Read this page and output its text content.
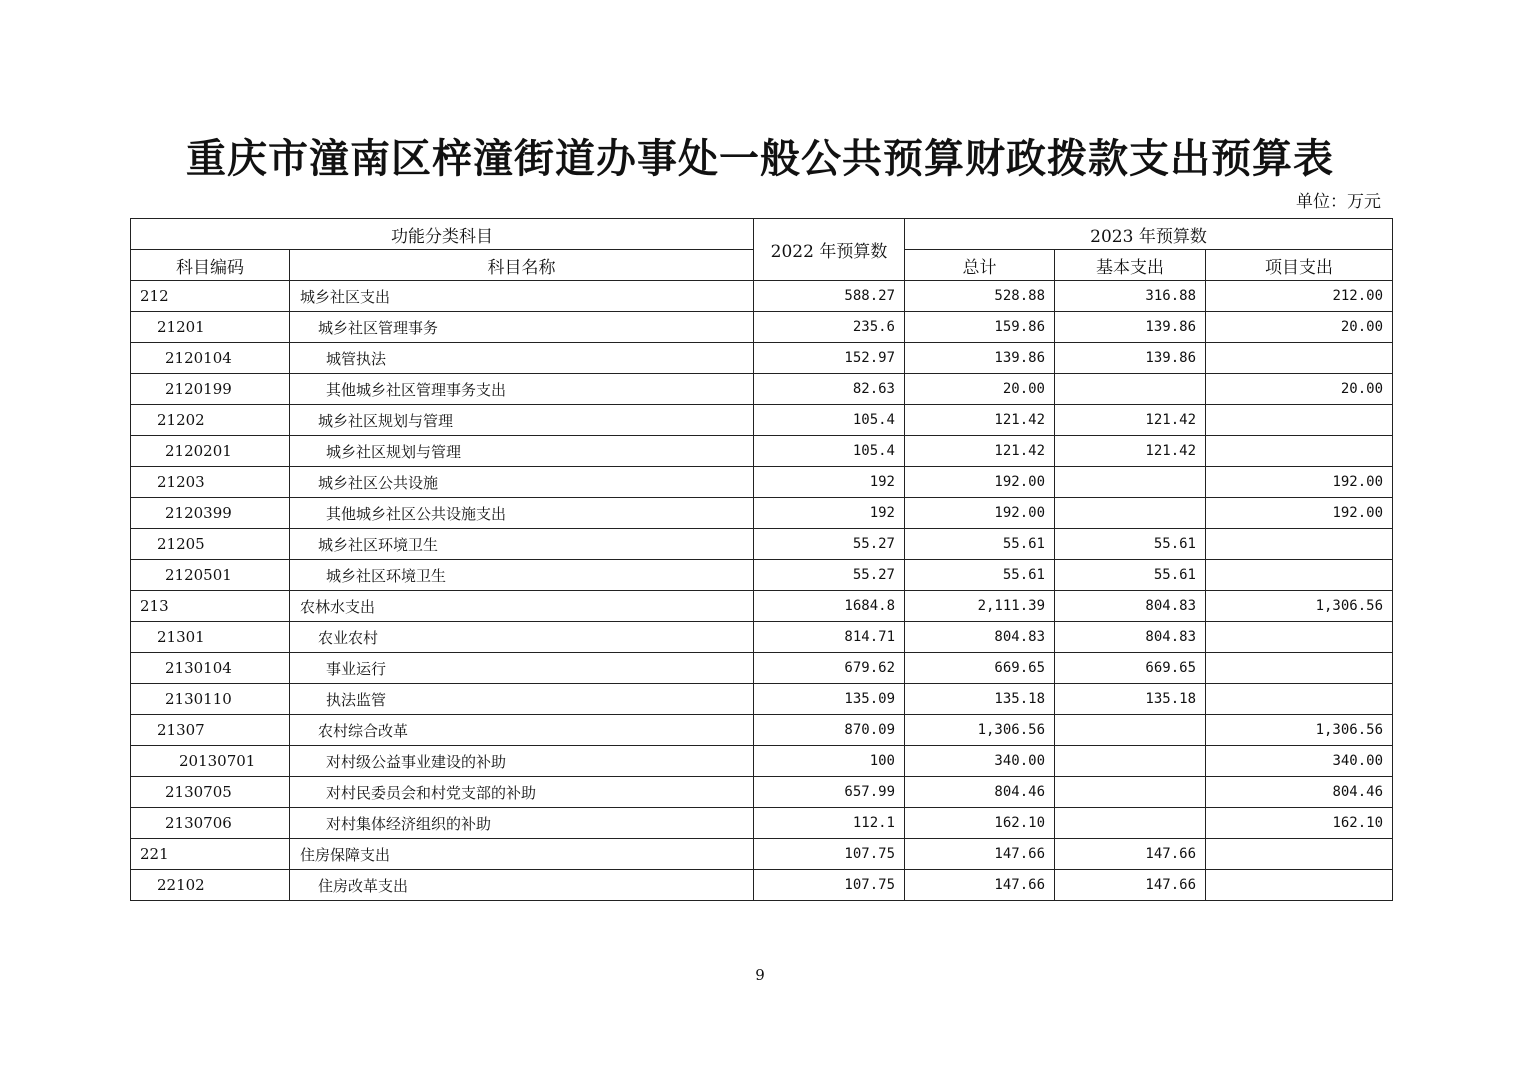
重庆市潼南区梓潼街道办事处一般公共预算财政拨款支出预算表
单位：万元
功能分类科目		2022 年预算数	2023 年预算数		
科目编码	科目名称		总计	基本支出	项目支出
212	城乡社区支出	588.27	528.88	316.88	212.00
21201	城乡社区管理事务	235.6	159.86	139.86	20.00
2120104	城管执法	152.97	139.86	139.86	
2120199	其他城乡社区管理事务支出	82.63	20.00		20.00
21202	城乡社区规划与管理	105.4	121.42	121.42	
2120201	城乡社区规划与管理	105.4	121.42	121.42	
21203	城乡社区公共设施	192	192.00		192.00
2120399	其他城乡社区公共设施支出	192	192.00		192.00
21205	城乡社区环境卫生	55.27	55.61	55.61	
2120501	城乡社区环境卫生	55.27	55.61	55.61	
213	农林水支出	1684.8	2,111.39	804.83	1,306.56
21301	农业农村	814.71	804.83	804.83	
2130104	事业运行	679.62	669.65	669.65	
2130110	执法监管	135.09	135.18	135.18	
21307	农村综合改革	870.09	1,306.56		1,306.56
20130701	对村级公益事业建设的补助	100	340.00		340.00
2130705	对村民委员会和村党支部的补助	657.99	804.46		804.46
2130706	对村集体经济组织的补助	112.1	162.10		162.10
221	住房保障支出	107.75	147.66	147.66	
22102	住房改革支出	107.75	147.66	147.66	
9
